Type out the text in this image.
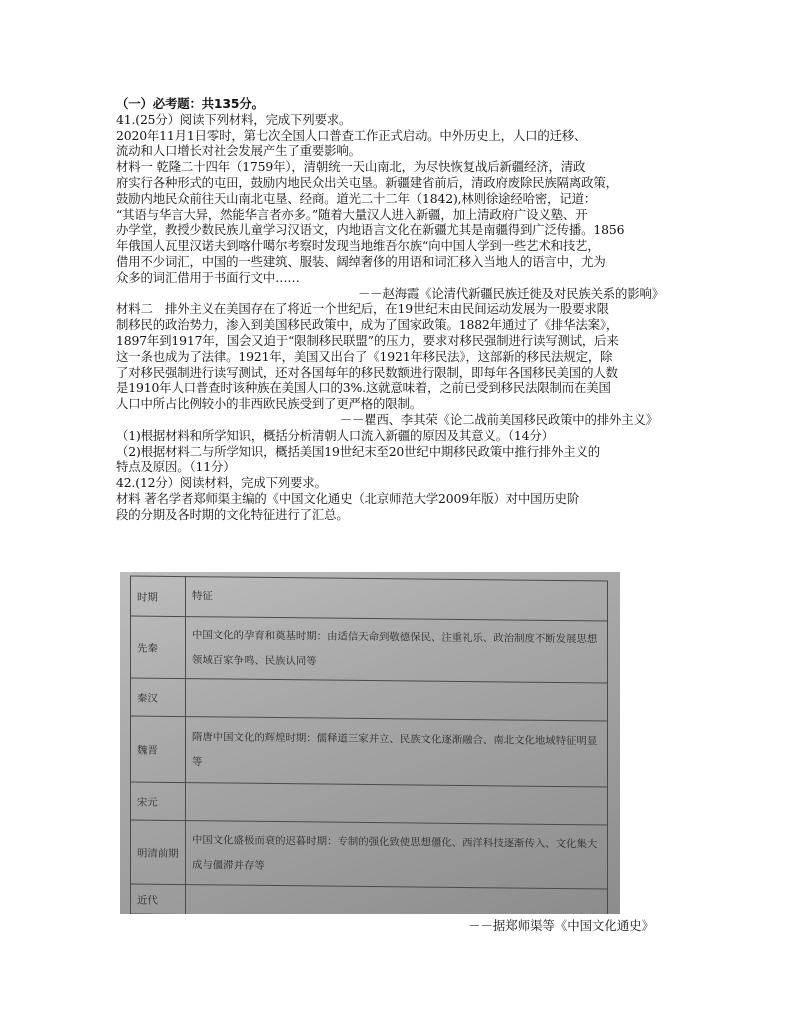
（一）必考题：共135分。
41.(25分）阅读下列材料，完成下列要求。
2020年11月1日零时，第七次全国人口普查工作正式启动。中外历史上，人口的迁移、
流动和人口增长对社会发展产生了重要影响。
材料一 乾隆二十四年（1759年），清朝统一天山南北，为尽快恢复战后新疆经济，清政
府实行各种形式的屯田，鼓励内地民众出关屯垦。新疆建省前后，清政府废除民族隔离政策，
鼓励内地民众前往天山南北屯垦、经商。道光二十二年（1842),林则徐途经哈密，记道：
“其语与华言大异，然能华言者亦多。”随着大量汉人进入新疆，加上清政府广设义塾、开
办学堂，教授少数民族儿童学习汉语文，内地语言文化在新疆尤其是南疆得到广泛传播。1856
年俄国人瓦里汉诺夫到喀什噶尔考察时发现当地维吾尔族“向中国人学到一些艺术和技艺，
借用不少词汇，中国的一些建筑、服装、阔绰奢侈的用语和词汇移入当地人的语言中，尤为
众多的词汇借用于书面行文中……
－－赵海霞《论清代新疆民族迁徙及对民族关系的影响》
材料二　排外主义在美国存在了将近一个世纪后，在19世纪末由民间运动发展为一股要求限
制移民的政治势力，渗入到美国移民政策中，成为了国家政策。1882年通过了《排华法案》，
1897年到1917年，国会又迫于“限制移民联盟”的压力，要求对移民强制进行读写测试，后来
这一条也成为了法律。1921年，美国又出台了《1921年移民法》，这部新的移民法规定，除
了对移民强制进行读写测试，还对各国每年的移民数额进行限制，即每年各国移民美国的人数
是1910年人口普查时该种族在美国人口的3%.这就意味着，之前已受到移民法限制而在美国
人口中所占比例较小的非西欧民族受到了更严格的限制。
－－瞿西、李其荣《论二战前美国移民政策中的排外主义》
（1)根据材料和所学知识，概括分析清朝人口流入新疆的原因及其意义。（14分）
（2)根据材料二与所学知识，概括美国19世纪末至20世纪中期移民政策中推行排外主义的
特点及原因。（11分）
42.(12分）阅读材料，完成下列要求。
材料 著名学者郑师渠主编的《中国文化通史（北京师范大学2009年版）对中国历史阶
段的分期及各时期的文化特征进行了汇总。
时期	特征
先秦	中国文化的孕育和奠基时期：由适信天命到敬德保民、注重礼乐、政治制度不断发展思想领域百家争鸣、民族认同等
秦汉	
魏晋	隋唐中国文化的辉煌时期：儒释道三家并立、民族文化逐渐融合、南北文化地域特征明显等
宋元	
明清前期	中国文化盛极而衰的迟暮时期：专制的强化致使思想僵化、西洋科技逐渐传入、文化集大成与僵滞并存等
近代	
－－据郑师渠等《中国文化通史》
